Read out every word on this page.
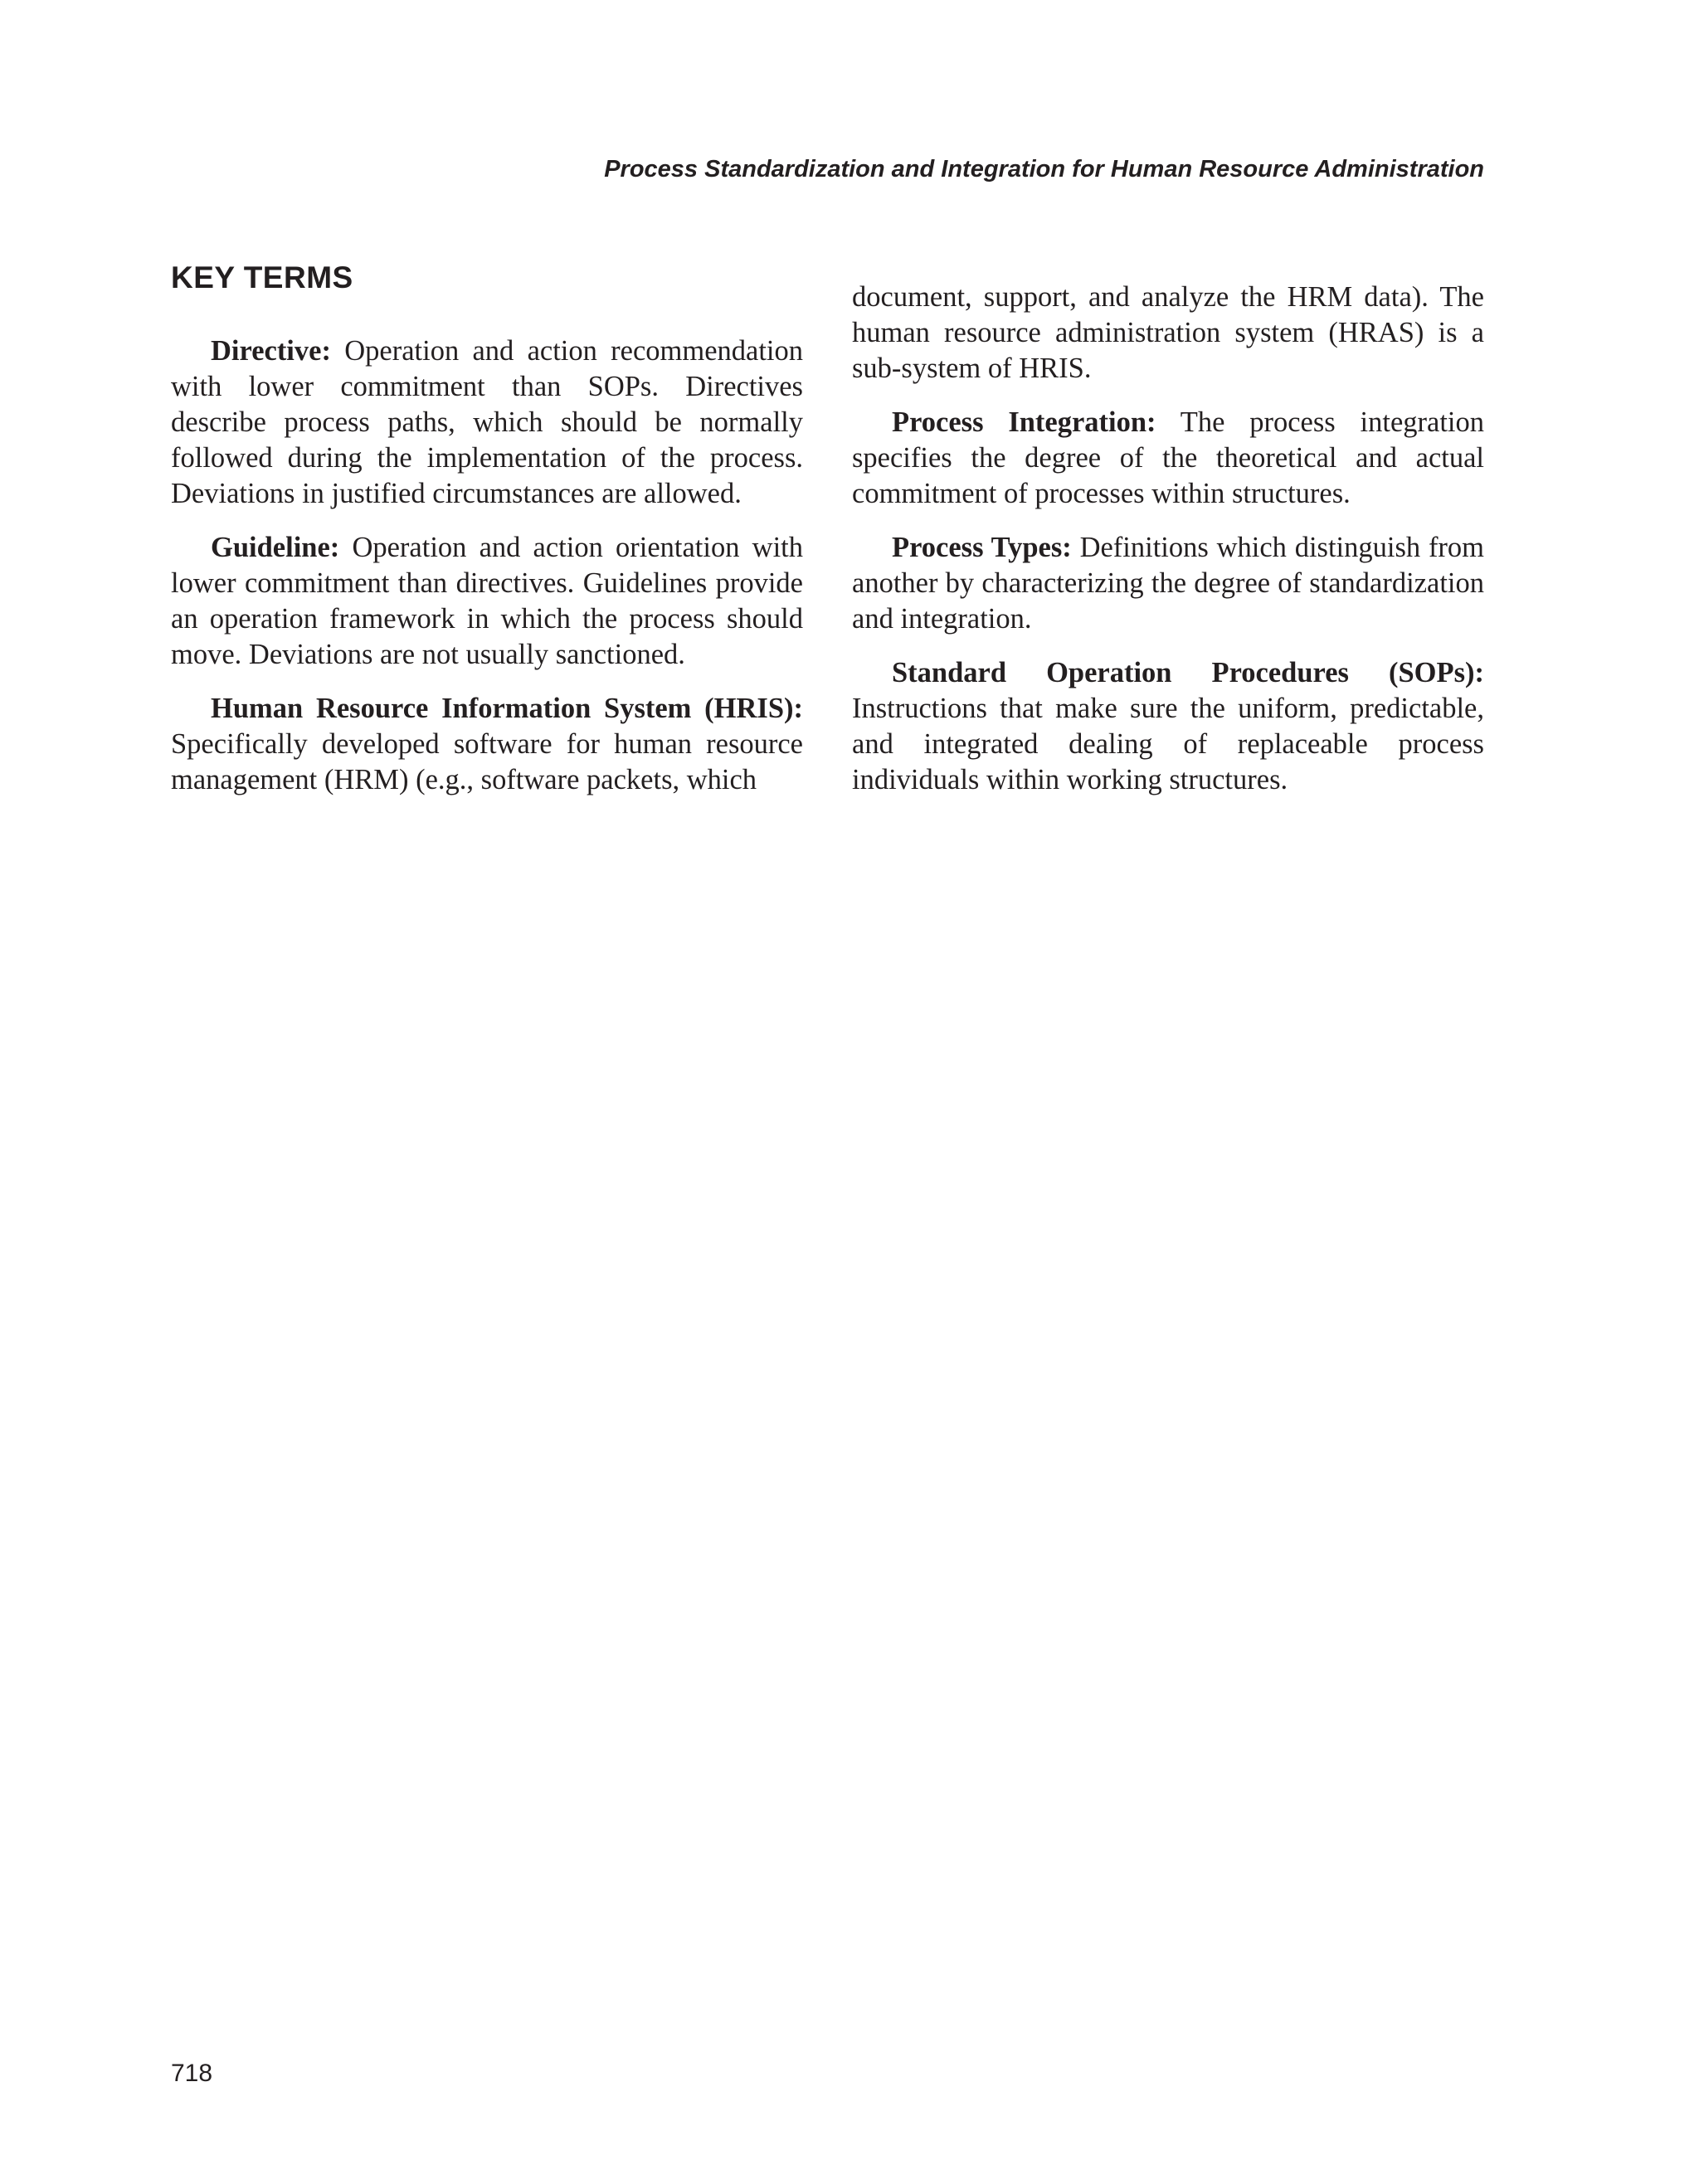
Process Standardization and Integration for Human Resource Administration
KEY TERMS

Directive: Operation and action recommendation with lower commitment than SOPs. Directives describe process paths, which should be normally followed during the implementation of the process. Deviations in justified circumstances are allowed.

Guideline: Operation and action orientation with lower commitment than directives. Guidelines provide an operation framework in which the process should move. Deviations are not usually sanctioned.

Human Resource Information System (HRIS): Specifically developed software for human resource management (HRM) (e.g., software packets, which

document, support, and analyze the HRM data). The human resource administration system (HRAS) is a sub-system of HRIS.

Process Integration: The process integration specifies the degree of the theoretical and actual commitment of processes within structures.

Process Types: Definitions which distinguish from another by characterizing the degree of standardization and integration.

Standard Operation Procedures (SOPs): Instructions that make sure the uniform, predictable, and integrated dealing of replaceable process individuals within working structures.

718
